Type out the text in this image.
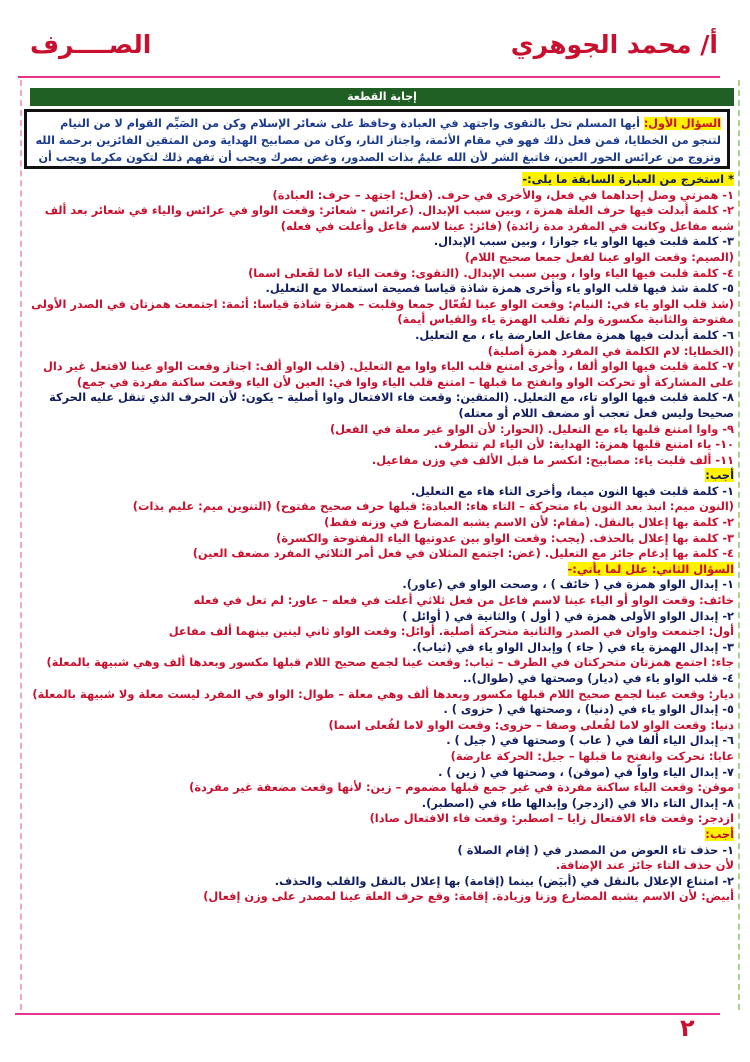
أ/ محمد الجوهري
الصــــرف
إجابة القطعة
السؤال الأول: أيها المسلم تحل بالتقوى واجتهد في العبادة وحافظ على شعائر الإسلام وكن من الصَيِّم القوام لا من النيام لتنجو من الخطايا، فمن فعل ذلك فهو في مقام الأئمة، واجتاز النار، وكان من مصابيح الهداية ومن المتقين الفائزين برحمة الله وتزوج من عرائس الحور العين، فاتبغ الشر لأن الله عليمٌ بذات الصدور، وغض بصرك ويجب أن تفهم ذلك لتكون مكرما ويجب أن

* استخرج من العبارة السابقة ما يلى:-

١- همزتي وصل إحداهما في فعل، والأخرى في حرف. (فعل: اجتهد – حرف: العبادة)

٢- كلمة أبدلت فيها حرف العلة همزة ، وبين سبب الإبدال. (عرائس - شعائر: وقعت الواو في عرائس والياء في شعائر بعد ألف شبه مفاعل وكانت في المفرد مدة زائدة) (فائز: عينا لاسم فاعل وأعلت في فعله)

٣- كلمة قلبت فيها الواو ياء جوازا ، وبين سبب الإبدال.

(الصيم: وقعت الواو عينا لفعل جمعا صحيح اللام)

٤- كلمة قلبت فيها الياء واوا ، وبين سبب الإبدال. (التقوى: وقعت الياء لاما لفَعلى اسما)

٥- كلمة شذ فيها قلب الواو ياء وأخرى همزة شاذة قياسا فصيحة استعمالا مع التعليل.

(شذ قلب الواو ياء في: النيام: وقعت الواو عينا لفُعّال جمعا وقلبت – همزة شاذة قياسا: أئمة: اجتمعت همزتان في الصدر الأولى مفتوحة والثانية مكسورة ولم تقلب الهمزة ياء والقياس أيمة)

٦- كلمة أبدلت فيها همزة مفاعل العارضة ياء ، مع التعليل.

(الخطايا: لام الكلمة في المفرد همزة أصلية)

٧- كلمة قلبت فيها الواو ألفا ، وأخرى امتنع قلب الياء واوا مع التعليل. (قلب الواو ألف: اجتاز وقعت الواو عينا لافتعل غير دال على المشاركة أو تحركت الواو وانفتح ما قبلها – امتنع قلب الياء واوا في: العين لأن الياء وقعت ساكنة مفردة في جمع)

٨- كلمة قلبت فيها الواو تاء، مع التعليل. (المتقين: وقعت فاء الافتعال واوا أصلية – يكون: لأن الحرف الذي تنقل عليه الحركة صحيحا وليس فعل تعجب أو مضعف اللام أو معتله)

٩- واوا امتنع قلبها ياء مع التعليل. (الحوار: لأن الواو غير معلة في الفعل)

١٠- ياء امتنع قلبها همزة: الهداية: لأن الياء لم تتطرف.

١١- ألف قلبت ياء: مصابيح: انكسر ما قبل الألف في وزن مفاعيل.

أجب:

١- كلمة قلبت فيها النون ميما، وأخرى التاء هاء مع التعليل.

(النون ميم: انبذ بعد النون باء متحركة – التاء هاء: العبادة: قبلها حرف صحيح مفتوح) (التنوين ميم: عليم بذات)

٢- كلمة بها إعلال بالنقل. (مقام: لأن الاسم يشبه المضارع في وزنه فقط)

٣- كلمة بها إعلال بالحذف. (يجب: وقعت الواو بين عدوتيها الياء المفتوحة والكسرة)

٤- كلمة بها إدغام جائز مع التعليل. (غض: اجتمع المثلان في فعل أمر الثلاثي المفرد مضعف العين)

السؤال الثاني: علل لما يأتي:-

١- إبدال الواو همزة في ( خائف ) ، وصحت الواو في (عاور).

خائف: وقعت الواو أو الياء عينا لاسم فاعل من فعل ثلاثي أعلت في فعله – عاور: لم تعل في فعله

٢- إبدال الواو الأولى همزة في ( أول ) والثانية في ( أوائل )

أول: اجتمعت واوان في الصدر والثانية متحركة أصلية. أوائل: وقعت الواو ثاني لينين بينهما ألف مفاعل

٣- إبدال الهمزة ياء في ( جاء ) وإبدال الواو ياء في (ثياب).

جاء: اجتمع همزتان متحركتان في الطرف – ثياب: وقعت عينا لجمع صحيح اللام قبلها مكسور وبعدها ألف وهي شبيهة بالمعلة)

٤- قلب الواو ياء في (ديار) وصحتها في (طوال)..

ديار: وقعت عينا لجمع صحيح اللام قبلها مكسور وبعدها ألف وهي معلة – طوال: الواو في المفرد ليست معلة ولا شبيهة بالمعلة)

٥- إبدال الواو ياء في (دنيا) ، وصحتها في ( حزوى ) .

دنيا: وقعت الواو لاما لفُعلى وصفا – حزوى: وقعت الواو لاما لفُعلى اسما)

٦- إبدال الياء ألفا في ( عاب ) وصحتها في ( جيل ) .

عابا: تحركت وانفتح ما قبلها – جيل: الحركة عارضة)

٧- إبدال الياء واواً في (موقن) ، وصحتها في ( زين ) .

موقن: وقعت الياء ساكنة مفردة في غير جمع قبلها مضموم – زين: لأنها وقعت مضعفة غير مفردة)

٨- إبدال التاء دالا في (ازدجر) وإبدالها طاء في (اصطبر).

ازدجر: وقعت فاء الافتعال زايا – اصطبر: وقعت فاء الافتعال صادا)

أجب:

١- حذف تاء العوض من المصدر في ( إقام الصلاة )

لأن حذف التاء جائز عند الإضافة.

٢- امتناع الإعلال بالنقل في (أبيَض) بينما (إقامة) بها إعلال بالنقل والقلب والحذف.

أبيض: لأن الاسم يشبه المضارع وزنا وزيادة. إقامة: وقع حرف العلة عينا لمصدر على وزن إفعال)

٢
